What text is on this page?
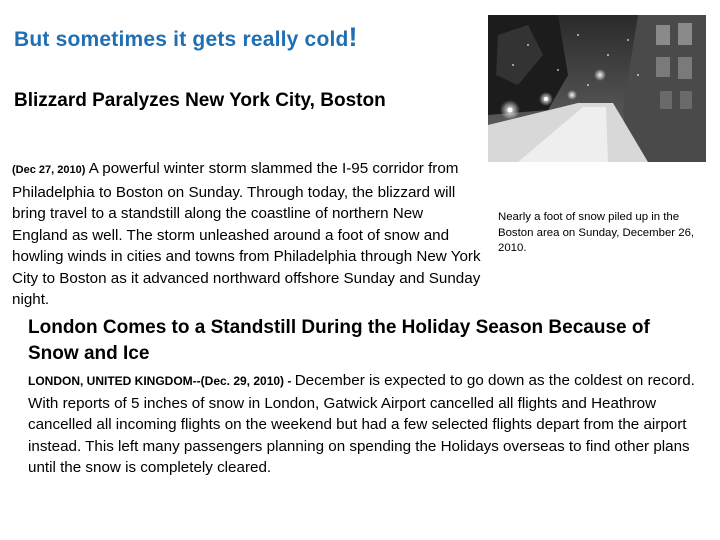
But sometimes it gets really cold!
Blizzard Paralyzes New York City, Boston
(Dec 27, 2010) A powerful winter storm slammed the I-95 corridor from Philadelphia to Boston on Sunday. Through today, the blizzard will bring travel to a standstill along the coastline of northern New England as well. The storm unleashed around a foot of snow and howling winds in cities and towns from Philadelphia through New York City to Boston as it advanced northward offshore Sunday and Sunday night.
Nearly a foot of snow piled up in the Boston area on Sunday, December 26, 2010.
London Comes to a Standstill During the Holiday Season Because of Snow and Ice
LONDON, UNITED KINGDOM--(Dec. 29, 2010) - December is expected to go down as the coldest on record. With reports of 5 inches of snow in London, Gatwick Airport cancelled all flights and Heathrow cancelled all incoming flights on the weekend but had a few selected flights depart from the airport instead. This left many passengers planning on spending the Holidays overseas to find other plans until the snow is completely cleared.
